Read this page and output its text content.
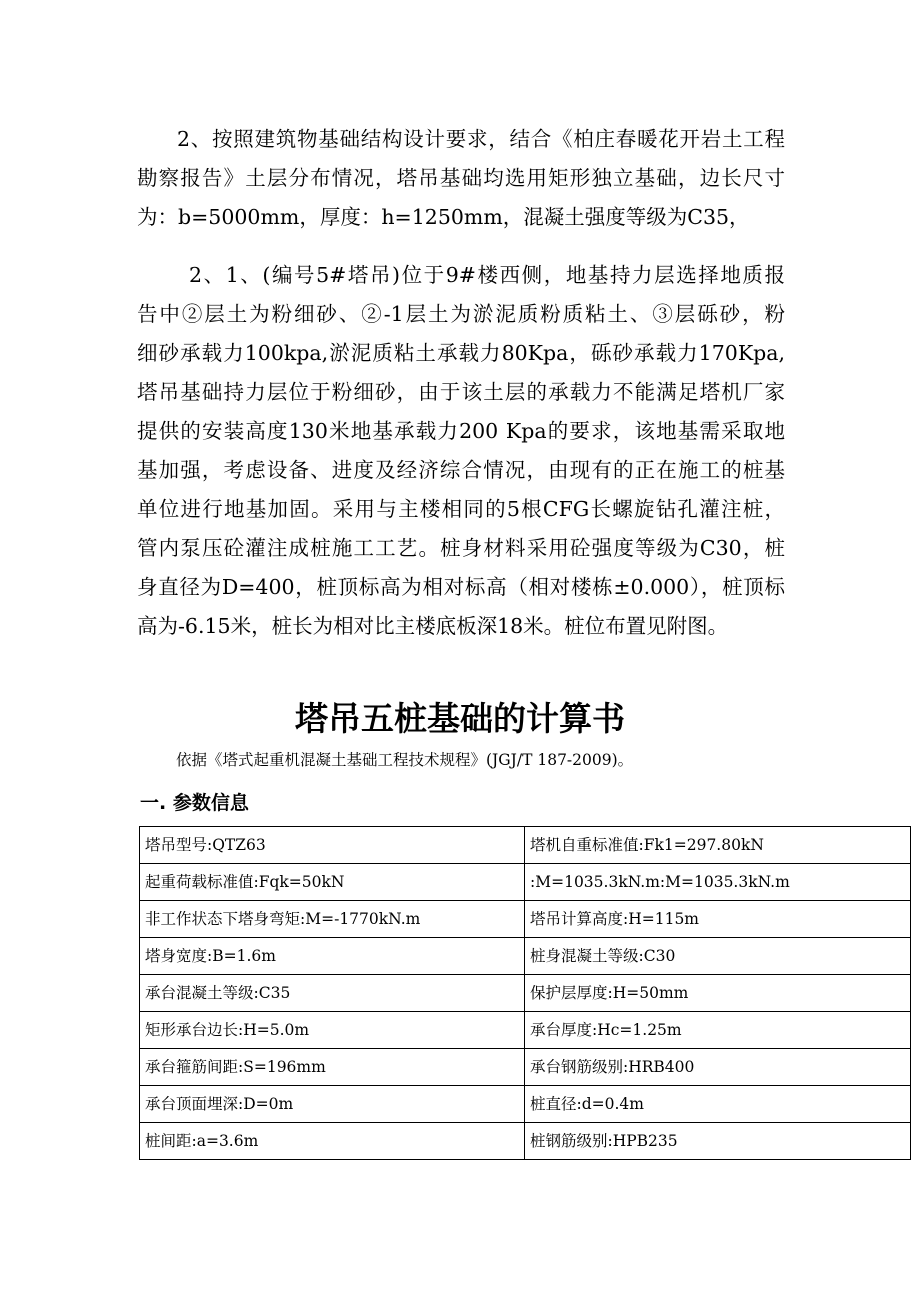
2、按照建筑物基础结构设计要求，结合《柏庄春暖花开岩土工程
勘察报告》土层分布情况，塔吊基础均选用矩形独立基础，边长尺寸
为：b=5000mm，厚度：h=1250mm，混凝土强度等级为C35，
2、1、(编号5#塔吊)位于9#楼西侧，地基持力层选择地质报
告中②层土为粉细砂、②-1层土为淤泥质粉质粘土、③层砾砂，粉
细砂承载力100kpa,淤泥质粘土承载力80Kpa，砾砂承载力170Kpa,
塔吊基础持力层位于粉细砂，由于该土层的承载力不能满足塔机厂家
提供的安装高度130米地基承载力200 Kpa的要求，该地基需采取地
基加强，考虑设备、进度及经济综合情况，由现有的正在施工的桩基
单位进行地基加固。采用与主楼相同的5根CFG长螺旋钻孔灌注桩，
管内泵压砼灌注成桩施工工艺。桩身材料采用砼强度等级为C30，桩
身直径为D=400，桩顶标高为相对标高（相对楼栋±0.000），桩顶标
高为-6.15米，桩长为相对比主楼底板深18米。桩位布置见附图。
塔吊五桩基础的计算书

依据《塔式起重机混凝土基础工程技术规程》(JGJ/T 187-2009)。

一. 参数信息
塔吊型号:QTZ63	塔机自重标准值:Fk1=297.80kN
起重荷载标准值:Fqk=50kN	:M=1035.3kN.m:M=1035.3kN.m
非工作状态下塔身弯矩:M=-1770kN.m	塔吊计算高度:H=115m
塔身宽度:B=1.6m	桩身混凝土等级:C30
承台混凝土等级:C35	保护层厚度:H=50mm
矩形承台边长:H=5.0m	承台厚度:Hc=1.25m
承台箍筋间距:S=196mm	承台钢筋级别:HRB400
承台顶面埋深:D=0m	桩直径:d=0.4m
桩间距:a=3.6m	桩钢筋级别:HPB235
